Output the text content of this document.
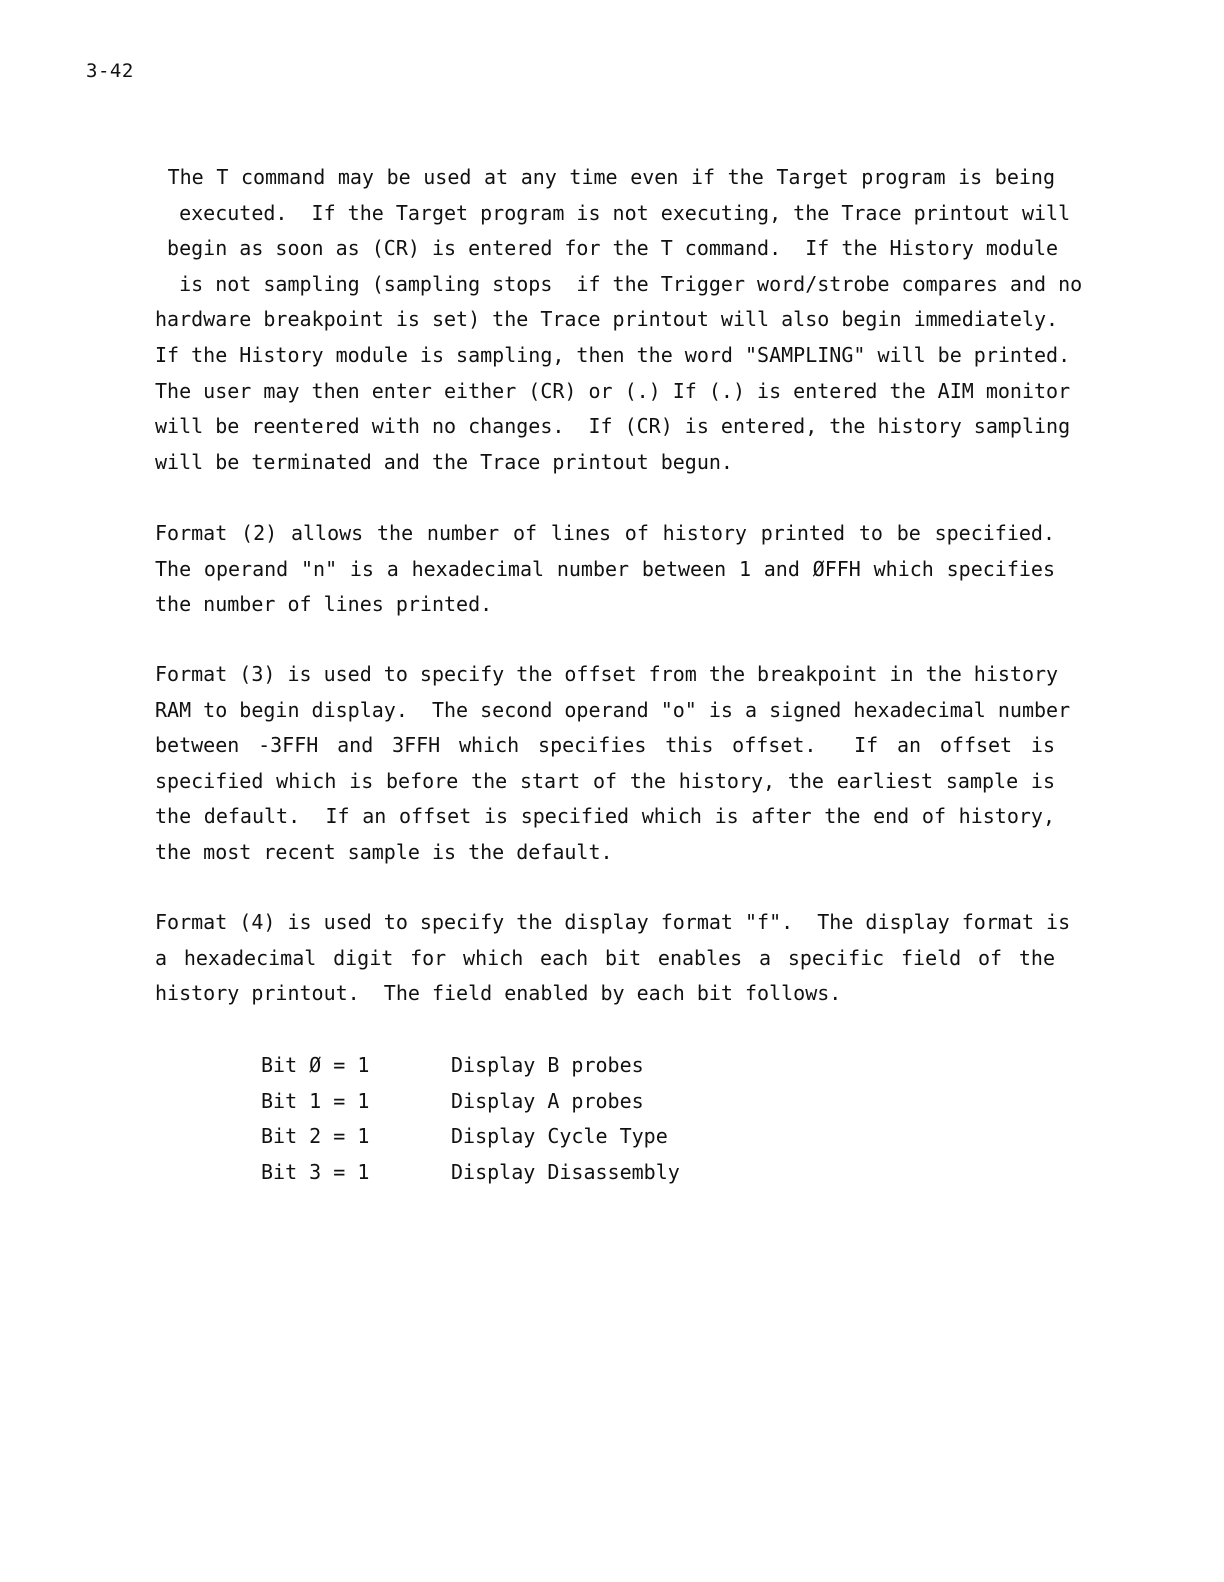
3-42
The T command may be used at any time even if the Target program is being
executed.  If the Target program is not executing, the Trace printout will
begin as soon as (CR) is entered for the T command.  If the History module
is not sampling (sampling stops  if the Trigger word/strobe compares and no
hardware breakpoint is set) the Trace printout will also begin immediately.
If the History module is sampling, then the word "SAMPLING" will be printed.
The user may then enter either (CR) or (.) If (.) is entered the AIM monitor
will be reentered with no changes.  If (CR) is entered, the history sampling
will be terminated and the Trace printout begun.
Format (2) allows the number of lines of history printed to be specified.
The operand "n" is a hexadecimal number between 1 and ØFFH which specifies
the number of lines printed.
Format (3) is used to specify the offset from the breakpoint in the history
RAM to begin display.  The second operand "o" is a signed hexadecimal number
between -3FFH and 3FFH which specifies this offset.  If an offset is
specified which is before the start of the history, the earliest sample is
the default.  If an offset is specified which is after the end of history,
the most recent sample is the default.
Format (4) is used to specify the display format "f".  The display format is
a hexadecimal digit for which each bit enables a specific field of the
history printout.  The field enabled by each bit follows.
Bit Ø = 1	Display B probes
Bit 1 = 1	Display A probes
Bit 2 = 1	Display Cycle Type
Bit 3 = 1	Display Disassembly
